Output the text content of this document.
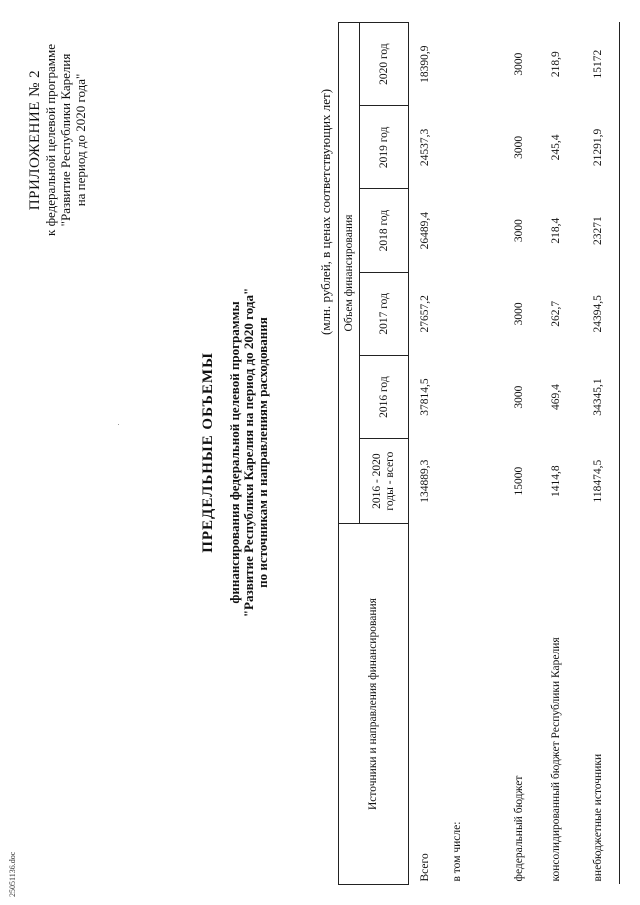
25051136.doc
ПРИЛОЖЕНИЕ № 2 к федеральной целевой программе "Развитие Республики Карелия на период до 2020 года"
ПРЕДЕЛЬНЫЕ ОБЪЕМЫ финансирования федеральной целевой программы "Развитие Республики Карелия на период до 2020 года" по источникам и направлениям расходования
(млн. рублей, в ценах соответствующих лет)
Источники и направления финансирования	Объем финансирования					
	2016 - 2020 годы - всего	2016 год	2017 год	2018 год	2019 год	2020 год
Всего	134889,3	37814,5	27657,2	26489,4	24537,3	18390,9
в том числе:						
федеральный бюджет	15000	3000	3000	3000	3000	3000
консолидированный бюджет Республики Карелия	1414,8	469,4	262,7	218,4	245,4	218,9
внебюджетные источники	118474,5	34345,1	24394,5	23271	21291,9	15172
